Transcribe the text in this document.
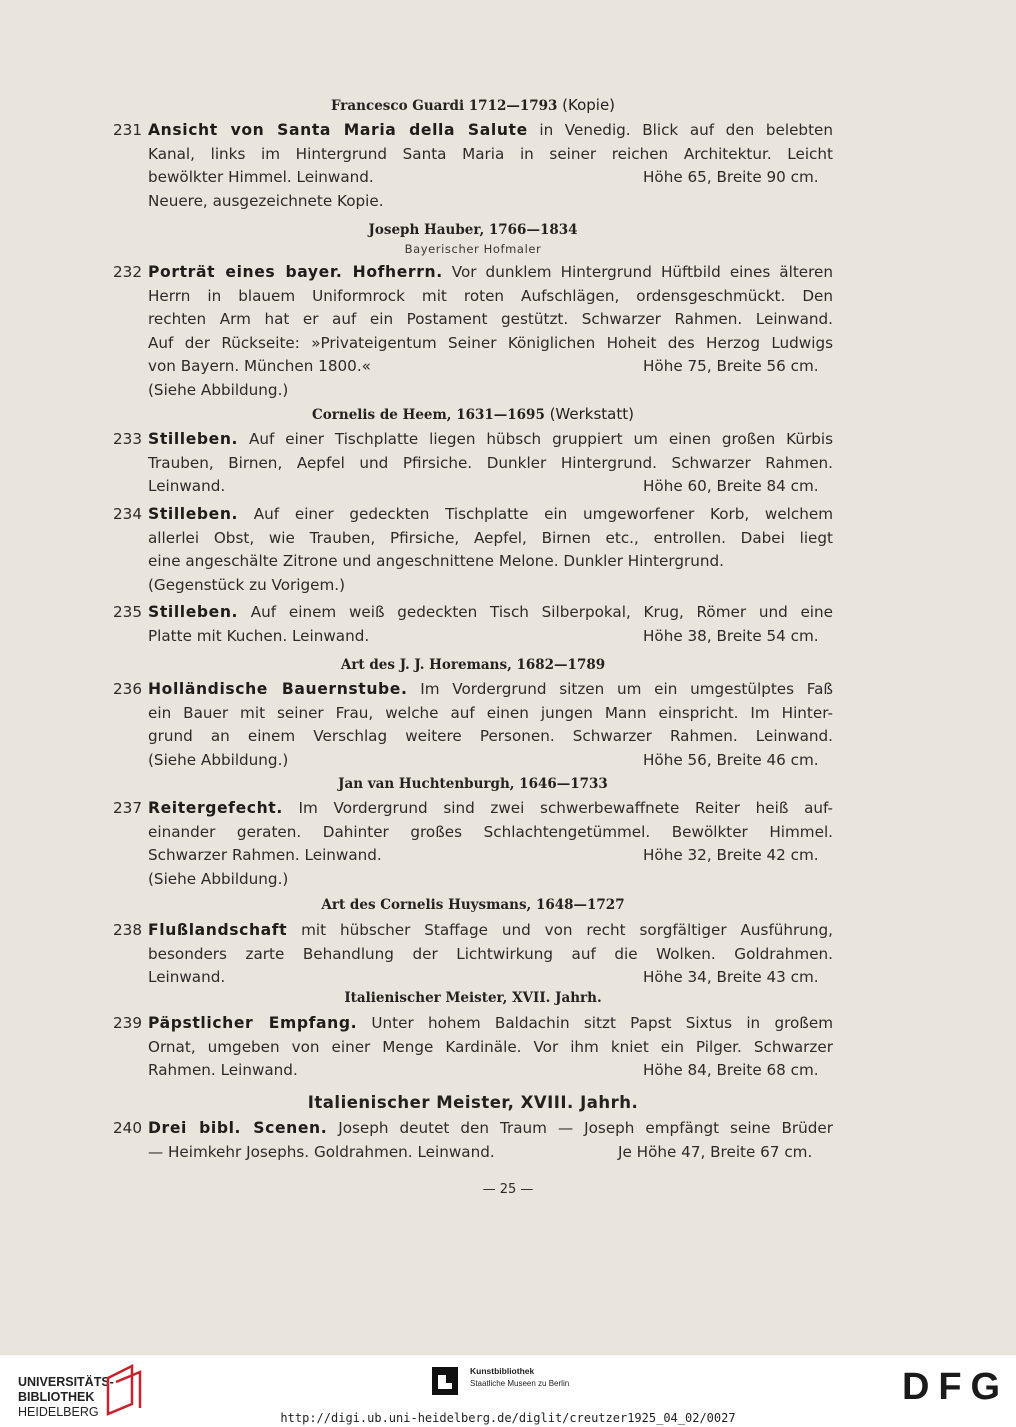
Francesco Guardi 1712—1793 (Kopie)
231 Ansicht von Santa Maria della Salute in Venedig. Blick auf den belebten
Kanal, links im Hintergrund Santa Maria in seiner reichen Architektur. Leicht
bewölkter Himmel. Leinwand.	Höhe 65, Breite 90 cm.
Neuere, ausgezeichnete Kopie.
Joseph Hauber, 1766—1834
Bayerischer Hofmaler
232 Porträt eines bayer. Hofherrn. Vor dunklem Hintergrund Hüftbild eines älteren
Herrn in blauem Uniformrock mit roten Aufschlägen, ordensgeschmückt. Den
rechten Arm hat er auf ein Postament gestützt. Schwarzer Rahmen. Leinwand.
Auf der Rückseite: »Privateigentum Seiner Königlichen Hoheit des Herzog Ludwigs
von Bayern. München 1800.«	Höhe 75, Breite 56 cm.
(Siehe Abbildung.)
Cornelis de Heem, 1631—1695 (Werkstatt)
233 Stilleben. Auf einer Tischplatte liegen hübsch gruppiert um einen großen Kürbis
Trauben, Birnen, Aepfel und Pfirsiche. Dunkler Hintergrund. Schwarzer Rahmen.
Leinwand.	Höhe 60, Breite 84 cm.
234 Stilleben. Auf einer gedeckten Tischplatte ein umgeworfener Korb, welchem
allerlei Obst, wie Trauben, Pfirsiche, Aepfel, Birnen etc., entrollen. Dabei liegt
eine angeschälte Zitrone und angeschnittene Melone. Dunkler Hintergrund.
(Gegenstück zu Vorigem.)
235 Stilleben. Auf einem weiß gedeckten Tisch Silberpokal, Krug, Römer und eine
Platte mit Kuchen. Leinwand.	Höhe 38, Breite 54 cm.
Art des J. J. Horemans, 1682—1789
236 Holländische Bauernstube. Im Vordergrund sitzen um ein umgestülptes Faß
ein Bauer mit seiner Frau, welche auf einen jungen Mann einspricht. Im Hinter-
grund an einem Verschlag weitere Personen. Schwarzer Rahmen. Leinwand.
(Siehe Abbildung.)	Höhe 56, Breite 46 cm.
Jan van Huchtenburgh, 1646—1733
237 Reitergefecht. Im Vordergrund sind zwei schwerbewaffnete Reiter heiß auf-
einander geraten. Dahinter großes Schlachtengetümmel. Bewölkter Himmel.
Schwarzer Rahmen. Leinwand.	Höhe 32, Breite 42 cm.
(Siehe Abbildung.)
Art des Cornelis Huysmans, 1648—1727
238 Flußlandschaft mit hübscher Staffage und von recht sorgfältiger Ausführung,
besonders zarte Behandlung der Lichtwirkung auf die Wolken. Goldrahmen.
Leinwand.	Höhe 34, Breite 43 cm.
Italienischer Meister, XVII. Jahrh.
239 Päpstlicher Empfang. Unter hohem Baldachin sitzt Papst Sixtus in großem
Ornat, umgeben von einer Menge Kardinäle. Vor ihm kniet ein Pilger. Schwarzer
Rahmen. Leinwand.	Höhe 84, Breite 68 cm.
Italienischer Meister, XVIII. Jahrh.
240 Drei bibl. Scenen. Joseph deutet den Traum — Joseph empfängt seine Brüder
— Heimkehr Josephs. Goldrahmen. Leinwand.	Je Höhe 47, Breite 67 cm.
— 25 —
UNIVERSITÄTS-
BIBLIOTHEK
HEIDELBERG
Kunstbibliothek
Staatliche Museen zu Berlin	DFG
http://digi.ub.uni-heidelberg.de/diglit/creutzer1925_04_02/0027
